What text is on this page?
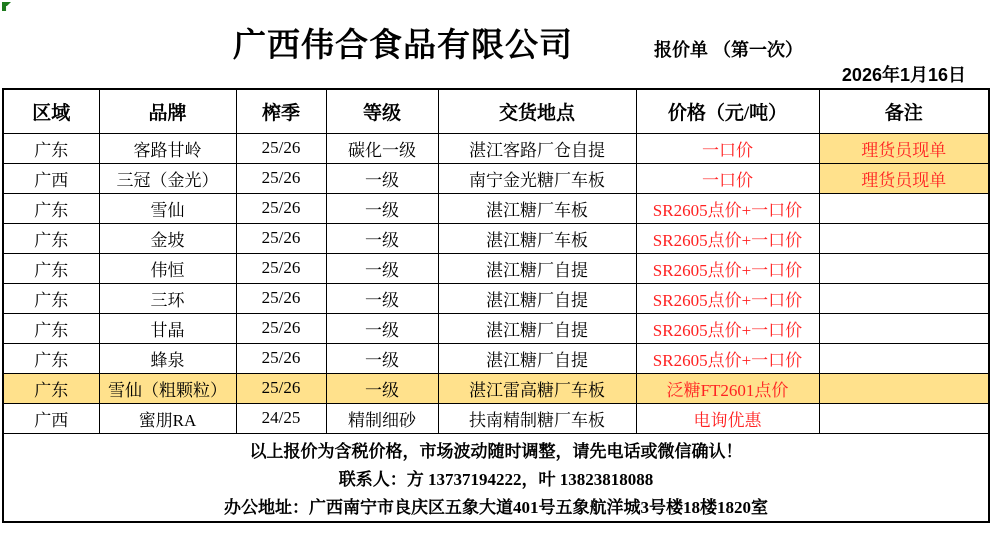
广西伟合食品有限公司	报价单 （第一次）
2026年1月16日
区域	品牌	榨季	等级	交货地点	价格（元/吨）	备注
广东	客路甘岭	25/26	碳化一级	湛江客路厂仓自提	一口价	理货员现单
广西	三冠（金光）	25/26	一级	南宁金光糖厂车板	一口价	理货员现单
广东	雪仙	25/26	一级	湛江糖厂车板	SR2605点价+一口价	
广东	金坡	25/26	一级	湛江糖厂车板	SR2605点价+一口价	
广东	伟恒	25/26	一级	湛江糖厂自提	SR2605点价+一口价	
广东	三环	25/26	一级	湛江糖厂自提	SR2605点价+一口价	
广东	甘晶	25/26	一级	湛江糖厂自提	SR2605点价+一口价	
广东	蜂泉	25/26	一级	湛江糖厂自提	SR2605点价+一口价	
广东	雪仙（粗颗粒）	25/26	一级	湛江雷高糖厂车板	泛糖FT2601点价	
广西	蜜朋RA	24/25	精制细砂	扶南精制糖厂车板	电询优惠	

以上报价为含税价格，市场波动随时调整，请先电话或微信确认！
联系人：方 13737194222，叶 13823818088
办公地址：广西南宁市良庆区五象大道401号五象航洋城3号楼18楼1820室						
